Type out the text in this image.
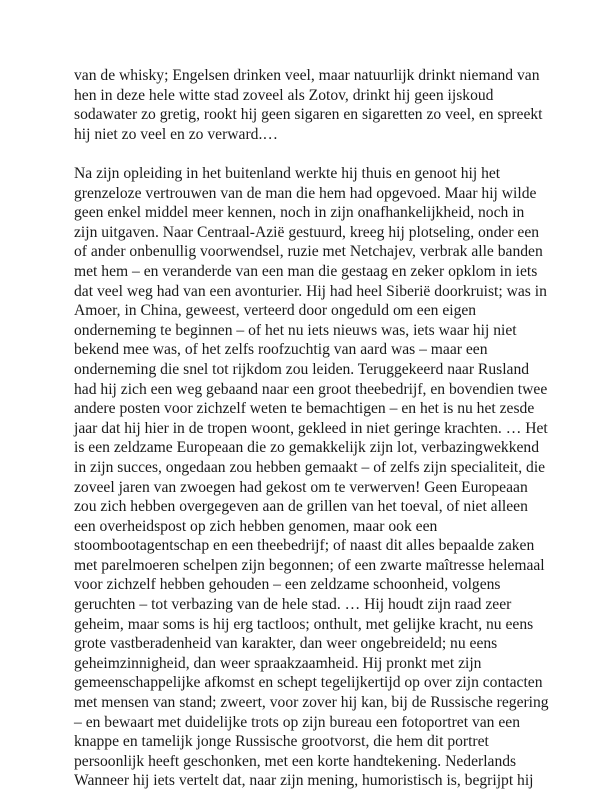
van de whisky; Engelsen drinken veel, maar natuurlijk drinkt niemand van
hen in deze hele witte stad zoveel als Zotov, drinkt hij geen ijskoud
sodawater zo gretig, rookt hij geen sigaren en sigaretten zo veel, en spreekt
hij niet zo veel en zo verward.…
Na zijn opleiding in het buitenland werkte hij thuis en genoot hij het
grenzeloze vertrouwen van de man die hem had opgevoed. Maar hij wilde
geen enkel middel meer kennen, noch in zijn onafhankelijkheid, noch in
zijn uitgaven. Naar Centraal-Azië gestuurd, kreeg hij plotseling, onder een
of ander onbenullig voorwendsel, ruzie met Netchajev, verbrak alle banden
met hem – en veranderde van een man die gestaag en zeker opklom in iets
dat veel weg had van een avonturier. Hij had heel Siberië doorkruist; was in
Amoer, in China, geweest, verteerd door ongeduld om een eigen
onderneming te beginnen – of het nu iets nieuws was, iets waar hij niet
bekend mee was, of het zelfs roofzuchtig van aard was – maar een
onderneming die snel tot rijkdom zou leiden. Teruggekeerd naar Rusland
had hij zich een weg gebaand naar een groot theebedrijf, en bovendien twee
andere posten voor zichzelf weten te bemachtigen – en het is nu het zesde
jaar dat hij hier in de tropen woont, gekleed in niet geringe krachten. … Het
is een zeldzame Europeaan die zo gemakkelijk zijn lot, verbazingwekkend
in zijn succes, ongedaan zou hebben gemaakt – of zelfs zijn specialiteit, die
zoveel jaren van zwoegen had gekost om te verwerven! Geen Europeaan
zou zich hebben overgegeven aan de grillen van het toeval, of niet alleen
een overheidspost op zich hebben genomen, maar ook een
stoombootagentschap en een theebedrijf; of naast dit alles bepaalde zaken
met parelmoeren schelpen zijn begonnen; of een zwarte maîtresse helemaal
voor zichzelf hebben gehouden – een zeldzame schoonheid, volgens
geruchten – tot verbazing van de hele stad. … Hij houdt zijn raad zeer
geheim, maar soms is hij erg tactloos; onthult, met gelijke kracht, nu eens
grote vastberadenheid van karakter, dan weer ongebreideld; nu eens
geheimzinnigheid, dan weer spraakzaamheid. Hij pronkt met zijn
gemeenschappelijke afkomst en schept tegelijkertijd op over zijn contacten
met mensen van stand; zweert, voor zover hij kan, bij de Russische regering
– en bewaart met duidelijke trots op zijn bureau een fotoportret van een
knappe en tamelijk jonge Russische grootvorst, die hem dit portret
persoonlijk heeft geschonken, met een korte handtekening. Nederlands
Wanneer hij iets vertelt dat, naar zijn mening, humoristisch is, begrijpt hij
